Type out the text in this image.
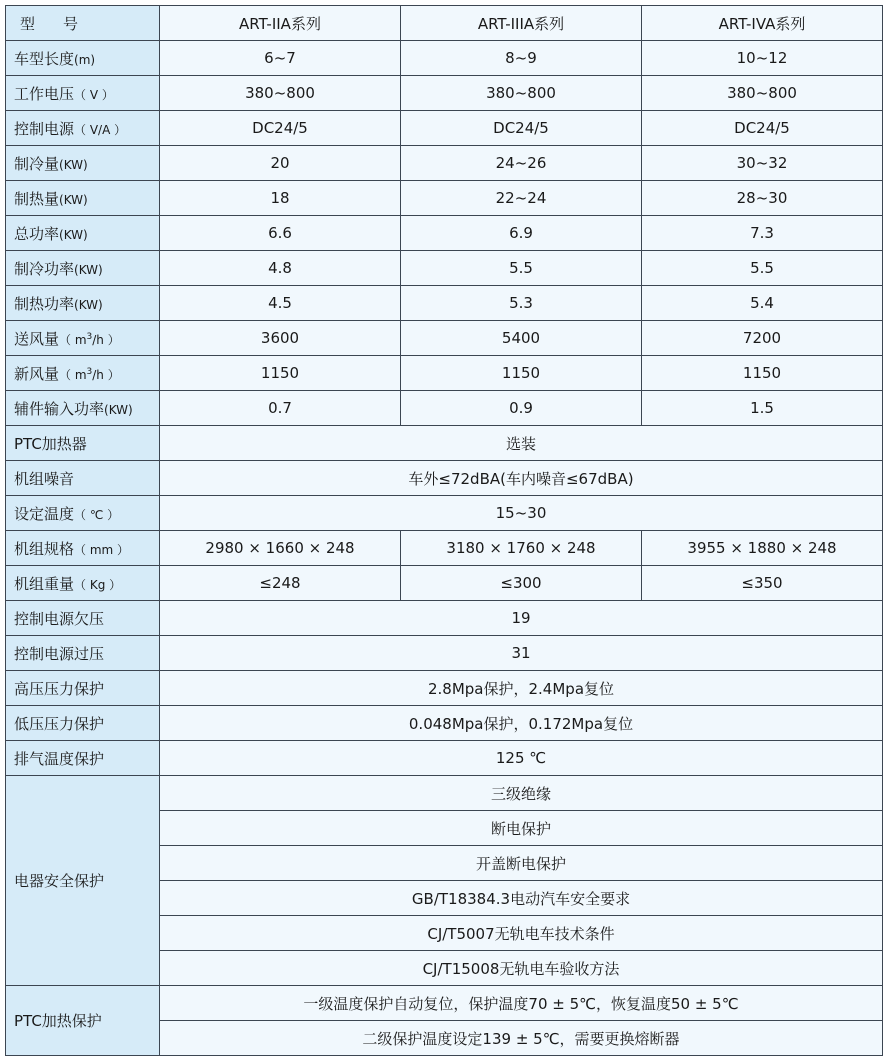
型 号	ART-IIA系列	ART-IIIA系列	ART-IVA系列
车型长度(m)	6~7	8~9	10~12
工作电压（ V ）	380~800	380~800	380~800
控制电源（ V/A ）	DC24/5	DC24/5	DC24/5
制冷量(KW)	20	24~26	30~32
制热量(KW)	18	22~24	28~30
总功率(KW)	6.6	6.9	7.3
制冷功率(KW)	4.8	5.5	5.5
制热功率(KW)	4.5	5.3	5.4
送风量（ $m^3/h$ ）	3600	5400	7200
新风量（ $m^3/h$ ）	1150	1150	1150
辅件输入功率(KW)	0.7	0.9	1.5
PTC加热器	选装		
机组噪音	车外≤72dBA(车内噪音≤67dBA)		
设定温度（ ℃ ）	15~30		
机组规格（ mm ）	2980 × 1660 × 248	3180 × 1760 × 248	3955 × 1880 × 248
机组重量（ Kg ）	≤248	≤300	≤350
控制电源欠压	19		
控制电源过压	31		
高压压力保护	2.8Mpa保护，2.4Mpa复位		
低压压力保护	0.048Mpa保护，0.172Mpa复位		
排气温度保护	125 ℃		
电器安全保护	三级绝缘		
	断电保护		
	开盖断电保护		
	GB/T18384.3电动汽车安全要求		
	CJ/T5007无轨电车技术条件		
	CJ/T15008无轨电车验收方法		
PTC加热保护	一级温度保护自动复位，保护温度70 ± 5℃，恢复温度50 ± 5℃		
	二级保护温度设定139 ± 5℃，需要更换熔断器		
